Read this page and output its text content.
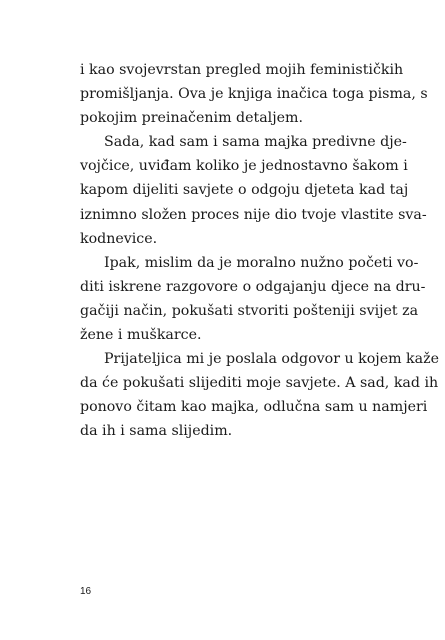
i kao svojevrstan pregled mojih feminističkih
promišljanja. Ova je knjiga inačica toga pisma, s
pokojim preinačenim detaljem.

Sada, kad sam i sama majka predivne dje-
vojčice, uviđam koliko je jednostavno šakom i
kapom dijeliti savjete o odgoju djeteta kad taj
iznimno složen proces nije dio tvoje vlastite sva-
kodnevice.

Ipak, mislim da je moralno nužno početi vo-
diti iskrene razgovore o odgajanju djece na dru-
gačiji način, pokušati stvoriti pošteniji svijet za
žene i muškarce.

Prijateljica mi je poslala odgovor u kojem kaže
da će pokušati slijediti moje savjete. A sad, kad ih
ponovo čitam kao majka, odlučna sam u namjeri
da ih i sama slijedim.

16
